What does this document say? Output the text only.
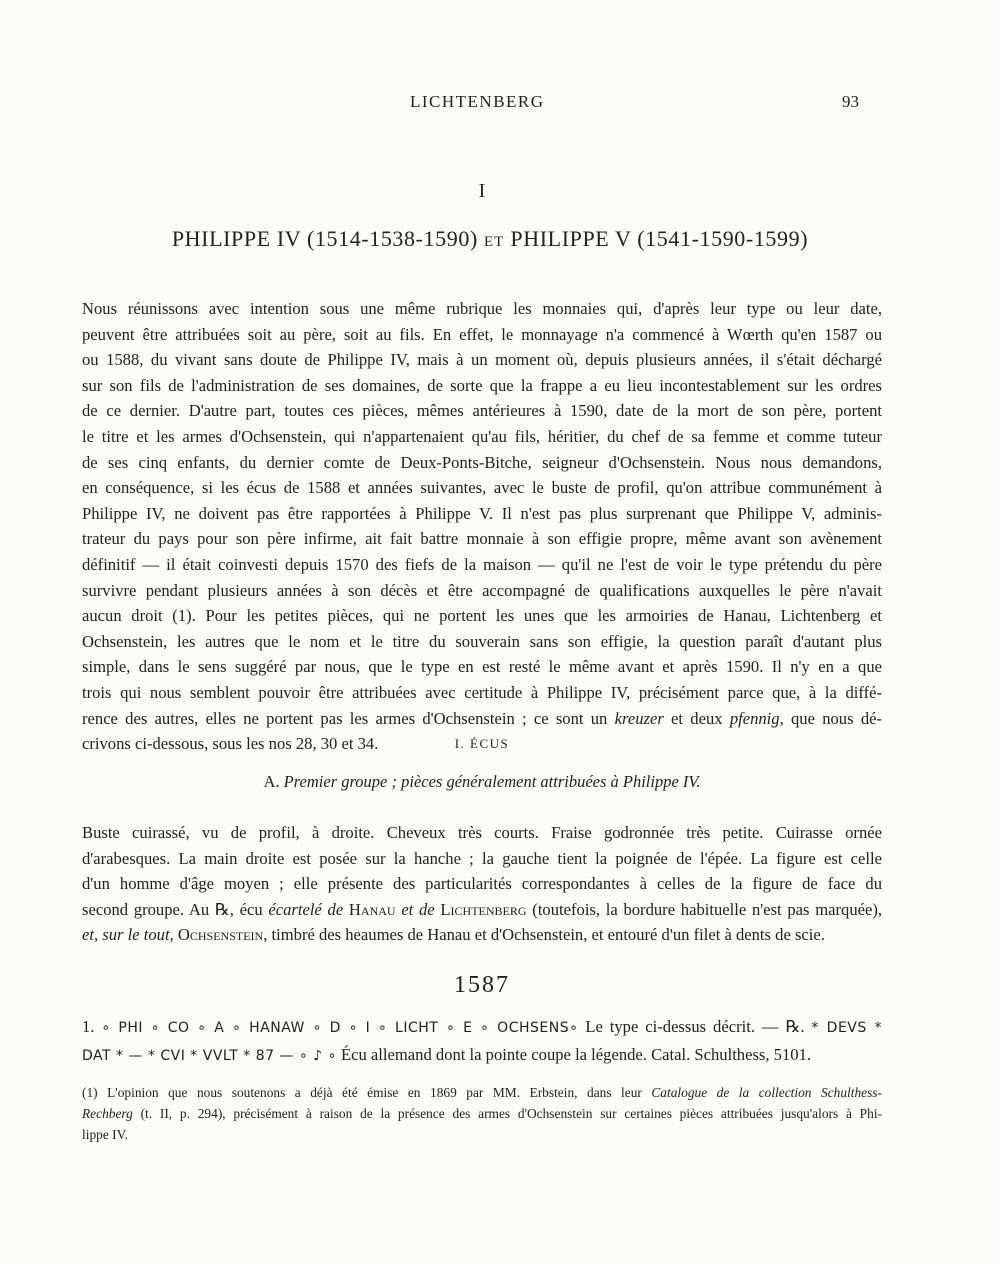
LICHTENBERG	93
I
PHILIPPE IV (1514-1538-1590) ET PHILIPPE V (1541-1590-1599)
Nous réunissons avec intention sous une même rubrique les monnaies qui, d'après leur type ou leur date,
peuvent être attribuées soit au père, soit au fils. En effet, le monnayage n'a commencé à Wœrth qu'en 1587 ou
ou 1588, du vivant sans doute de Philippe IV, mais à un moment où, depuis plusieurs années, il s'était déchargé
sur son fils de l'administration de ses domaines, de sorte que la frappe a eu lieu incontestablement sur les ordres
de ce dernier. D'autre part, toutes ces pièces, mêmes antérieures à 1590, date de la mort de son père, portent
le titre et les armes d'Ochsenstein, qui n'appartenaient qu'au fils, héritier, du chef de sa femme et comme tuteur
de ses cinq enfants, du dernier comte de Deux-Ponts-Bitche, seigneur d'Ochsenstein. Nous nous demandons,
en conséquence, si les écus de 1588 et années suivantes, avec le buste de profil, qu'on attribue communément à
Philippe IV, ne doivent pas être rapportées à Philippe V. Il n'est pas plus surprenant que Philippe V, adminis-
trateur du pays pour son père infirme, ait fait battre monnaie à son effigie propre, même avant son avènement
définitif — il était coinvesti depuis 1570 des fiefs de la maison — qu'il ne l'est de voir le type prétendu du père
survivre pendant plusieurs années à son décès et être accompagné de qualifications auxquelles le père n'avait
aucun droit (1). Pour les petites pièces, qui ne portent les unes que les armoiries de Hanau, Lichtenberg et
Ochsenstein, les autres que le nom et le titre du souverain sans son effigie, la question paraît d'autant plus
simple, dans le sens suggéré par nous, que le type en est resté le même avant et après 1590. Il n'y en a que
trois qui nous semblent pouvoir être attribuées avec certitude à Philippe IV, précisément parce que, à la diffé-
rence des autres, elles ne portent pas les armes d'Ochsenstein ; ce sont un kreuzer et deux pfennig, que nous dé-
crivons ci-dessous, sous les nos 28, 30 et 34.	I. ÉCUS
A. Premier groupe ; pièces généralement attribuées à Philippe IV.
Buste cuirassé, vu de profil, à droite. Cheveux très courts. Fraise godronnée très petite. Cuirasse ornée
d'arabesques. La main droite est posée sur la hanche ; la gauche tient la poignée de l'épée. La figure est celle
d'un homme d'âge moyen ; elle présente des particularités correspondantes à celles de la figure de face du
second groupe. Au ℞, écu écartelé de Hanau et de Lichtenberg (toutefois, la bordure habituelle n'est pas marquée),
et, sur le tout, Ochsenstein, timbré des heaumes de Hanau et d'Ochsenstein, et entouré d'un filet à dents de scie.
1587
1. ∘ PHI ∘ CO ∘ A ∘ HANAW ∘ D ∘ I ∘ LICHT ∘ E ∘ OCHSENS∘ Le type ci-dessus décrit. — ℞. * DEVS *
DAT * — * CVI * VVLT * 87 — ∘ ♪ ∘ Écu allemand dont la pointe coupe la légende. Catal. Schulthess, 5101.
(1) L'opinion que nous soutenons a déjà été émise en 1869 par MM. Erbstein, dans leur Catalogue de la collection Schulthess-
Rechberg (t. II, p. 294), précisément à raison de la présence des armes d'Ochsenstein sur certaines pièces attribuées jusqu'alors à Phi-
lippe IV.
